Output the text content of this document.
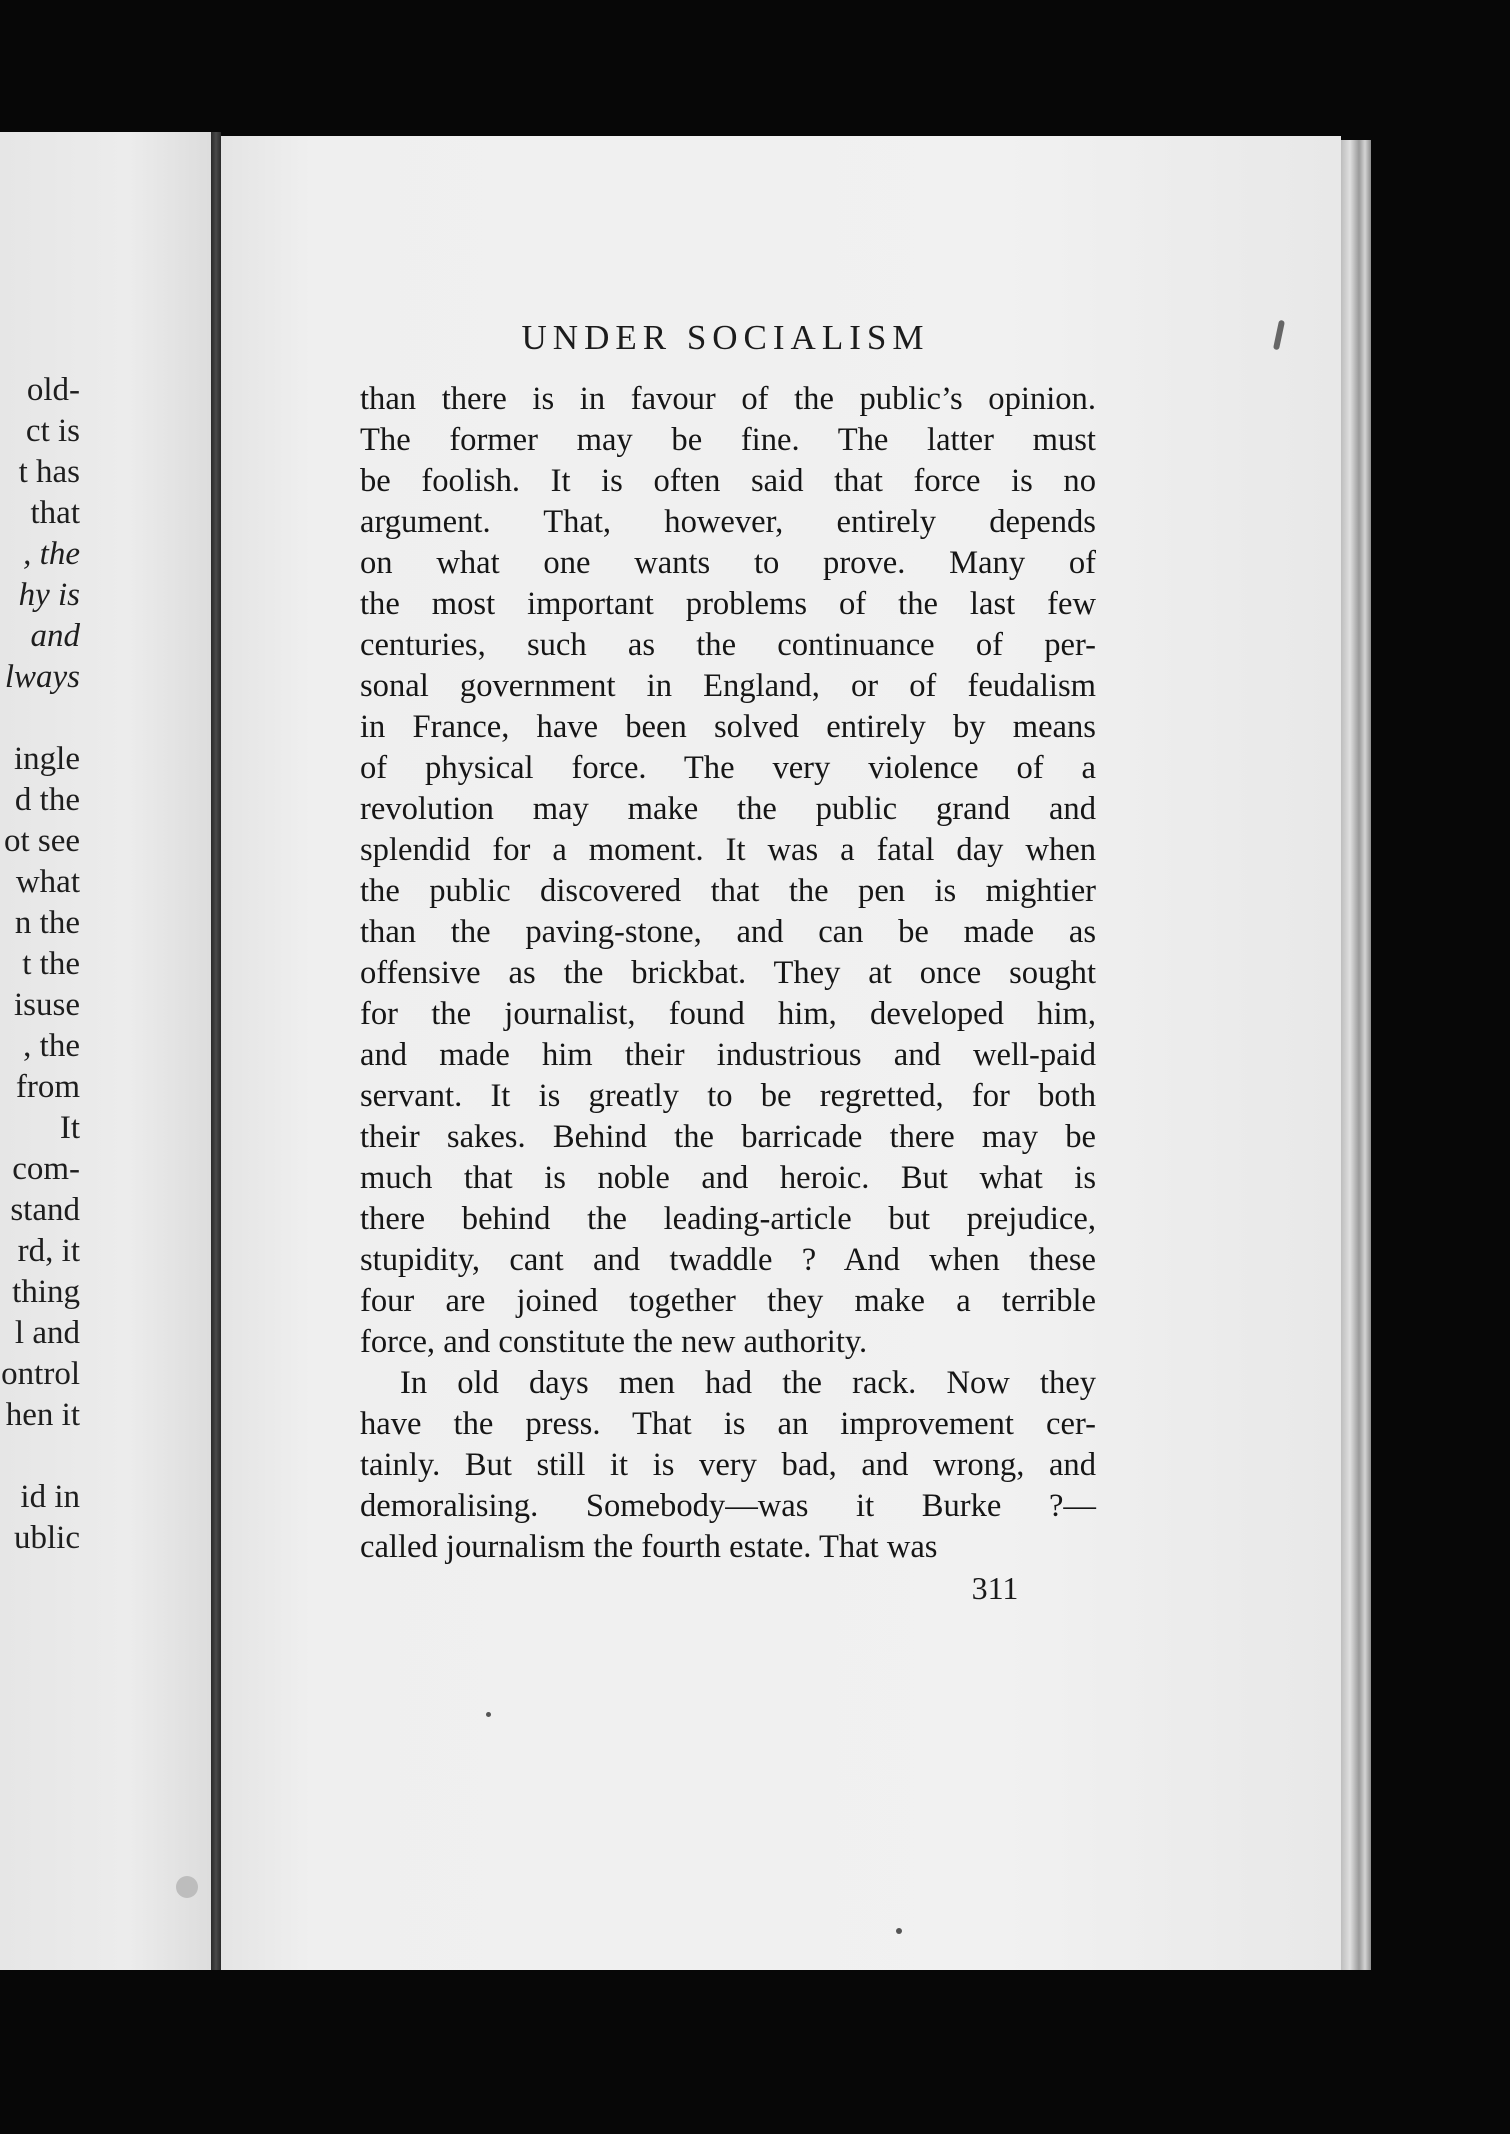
old-
ct is
t has
that
, the
hy is
and
lways
ingle
d the
ot see
what
n the
t the
isuse
, the
from
It
com-
stand
rd, it
thing
l and
ontrol
hen it
id in
ublic
UNDER SOCIALISM
than there is in favour of the public’s opinion.
The former may be fine. The latter must
be foolish. It is often said that force is no
argument. That, however, entirely depends
on what one wants to prove. Many of
the most important problems of the last few
centuries, such as the continuance of per-
sonal government in England, or of feudalism
in France, have been solved entirely by means
of physical force. The very violence of a
revolution may make the public grand and
splendid for a moment. It was a fatal day when
the public discovered that the pen is mightier
than the paving-stone, and can be made as
offensive as the brickbat. They at once sought
for the journalist, found him, developed him,
and made him their industrious and well-paid
servant. It is greatly to be regretted, for both
their sakes. Behind the barricade there may be
much that is noble and heroic. But what is
there behind the leading-article but prejudice,
stupidity, cant and twaddle ? And when these
four are joined together they make a terrible
force, and constitute the new authority.
In old days men had the rack. Now they
have the press. That is an improvement cer-
tainly. But still it is very bad, and wrong, and
demoralising. Somebody—was it Burke ?—
called journalism the fourth estate. That was
311
